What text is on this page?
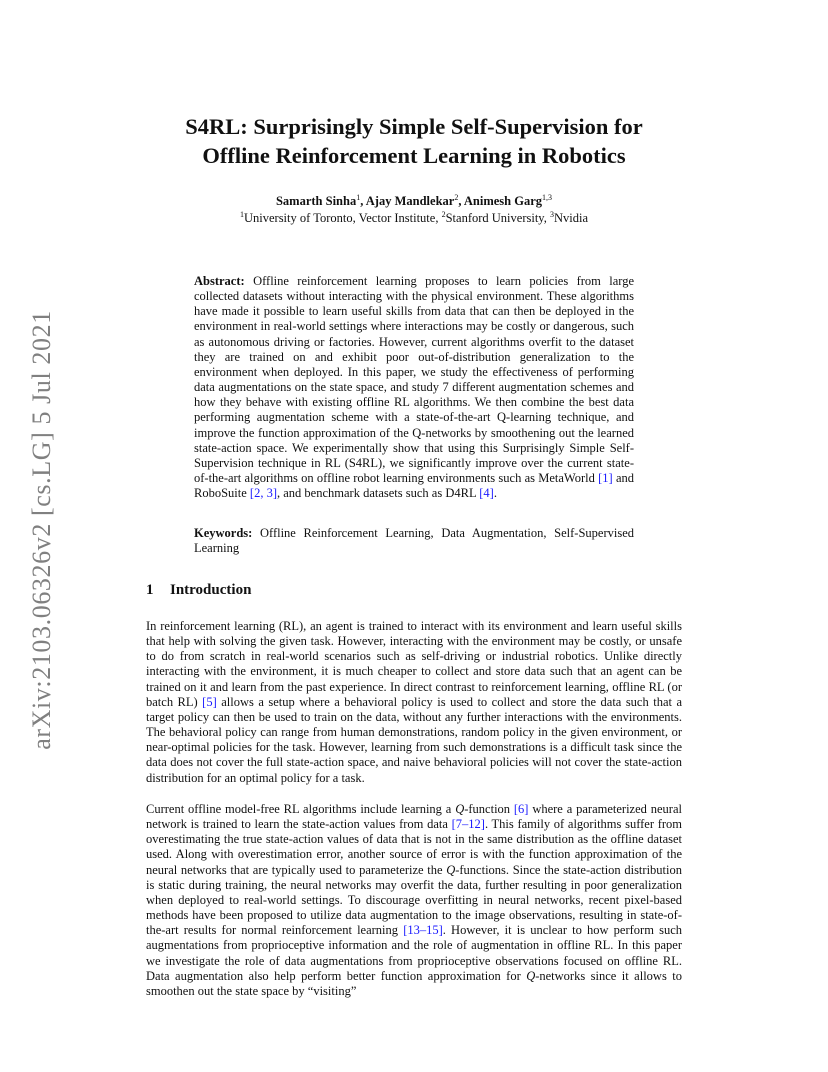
arXiv:2103.06326v2 [cs.LG] 5 Jul 2021
S4RL: Surprisingly Simple Self-Supervision for
Offline Reinforcement Learning in Robotics
Samarth Sinha$^1$, Ajay Mandlekar$^2$, Animesh Garg$^{1,3}$
$^1$University of Toronto, Vector Institute, $^2$Stanford University, $^3$Nvidia
Abstract: Offline reinforcement learning proposes to learn policies from large collected datasets without interacting with the physical environment. These algorithms have made it possible to learn useful skills from data that can then be deployed in the environment in real-world settings where interactions may be costly or dangerous, such as autonomous driving or factories. However, current algorithms overfit to the dataset they are trained on and exhibit poor out-of-distribution generalization to the environment when deployed. In this paper, we study the effectiveness of performing data augmentations on the state space, and study 7 different augmentation schemes and how they behave with existing offline RL algorithms. We then combine the best data performing augmentation scheme with a state-of-the-art Q-learning technique, and improve the function approximation of the Q-networks by smoothening out the learned state-action space. We experimentally show that using this Surprisingly Simple Self-Supervision technique in RL (S4RL), we significantly improve over the current state-of-the-art algorithms on offline robot learning environments such as MetaWorld [1] and RoboSuite [2, 3], and benchmark datasets such as D4RL [4].
Keywords: Offline Reinforcement Learning, Data Augmentation, Self-Supervised Learning
1 Introduction
In reinforcement learning (RL), an agent is trained to interact with its environment and learn useful skills that help with solving the given task. However, interacting with the environment may be costly, or unsafe to do from scratch in real-world scenarios such as self-driving or industrial robotics. Unlike directly interacting with the environment, it is much cheaper to collect and store data such that an agent can be trained on it and learn from the past experience. In direct contrast to reinforcement learning, offline RL (or batch RL) [5] allows a setup where a behavioral policy is used to collect and store the data such that a target policy can then be used to train on the data, without any further interactions with the environments. The behavioral policy can range from human demonstrations, random policy in the given environment, or near-optimal policies for the task. However, learning from such demonstrations is a difficult task since the data does not cover the full state-action space, and naive behavioral policies will not cover the state-action distribution for an optimal policy for a task.
Current offline model-free RL algorithms include learning a Q-function [6] where a parameterized neural network is trained to learn the state-action values from data [7–12]. This family of algorithms suffer from overestimating the true state-action values of data that is not in the same distribution as the offline dataset used. Along with overestimation error, another source of error is with the function approximation of the neural networks that are typically used to parameterize the Q-functions. Since the state-action distribution is static during training, the neural networks may overfit the data, further resulting in poor generalization when deployed to real-world settings. To discourage overfitting in neural networks, recent pixel-based methods have been proposed to utilize data augmentation to the image observations, resulting in state-of-the-art results for normal reinforcement learning [13–15]. However, it is unclear to how perform such augmentations from proprioceptive information and the role of augmentation in offline RL. In this paper we investigate the role of data augmentations from proprioceptive observations focused on offline RL. Data augmentation also help perform better function approximation for Q-networks since it allows to smoothen out the state space by “visiting”
